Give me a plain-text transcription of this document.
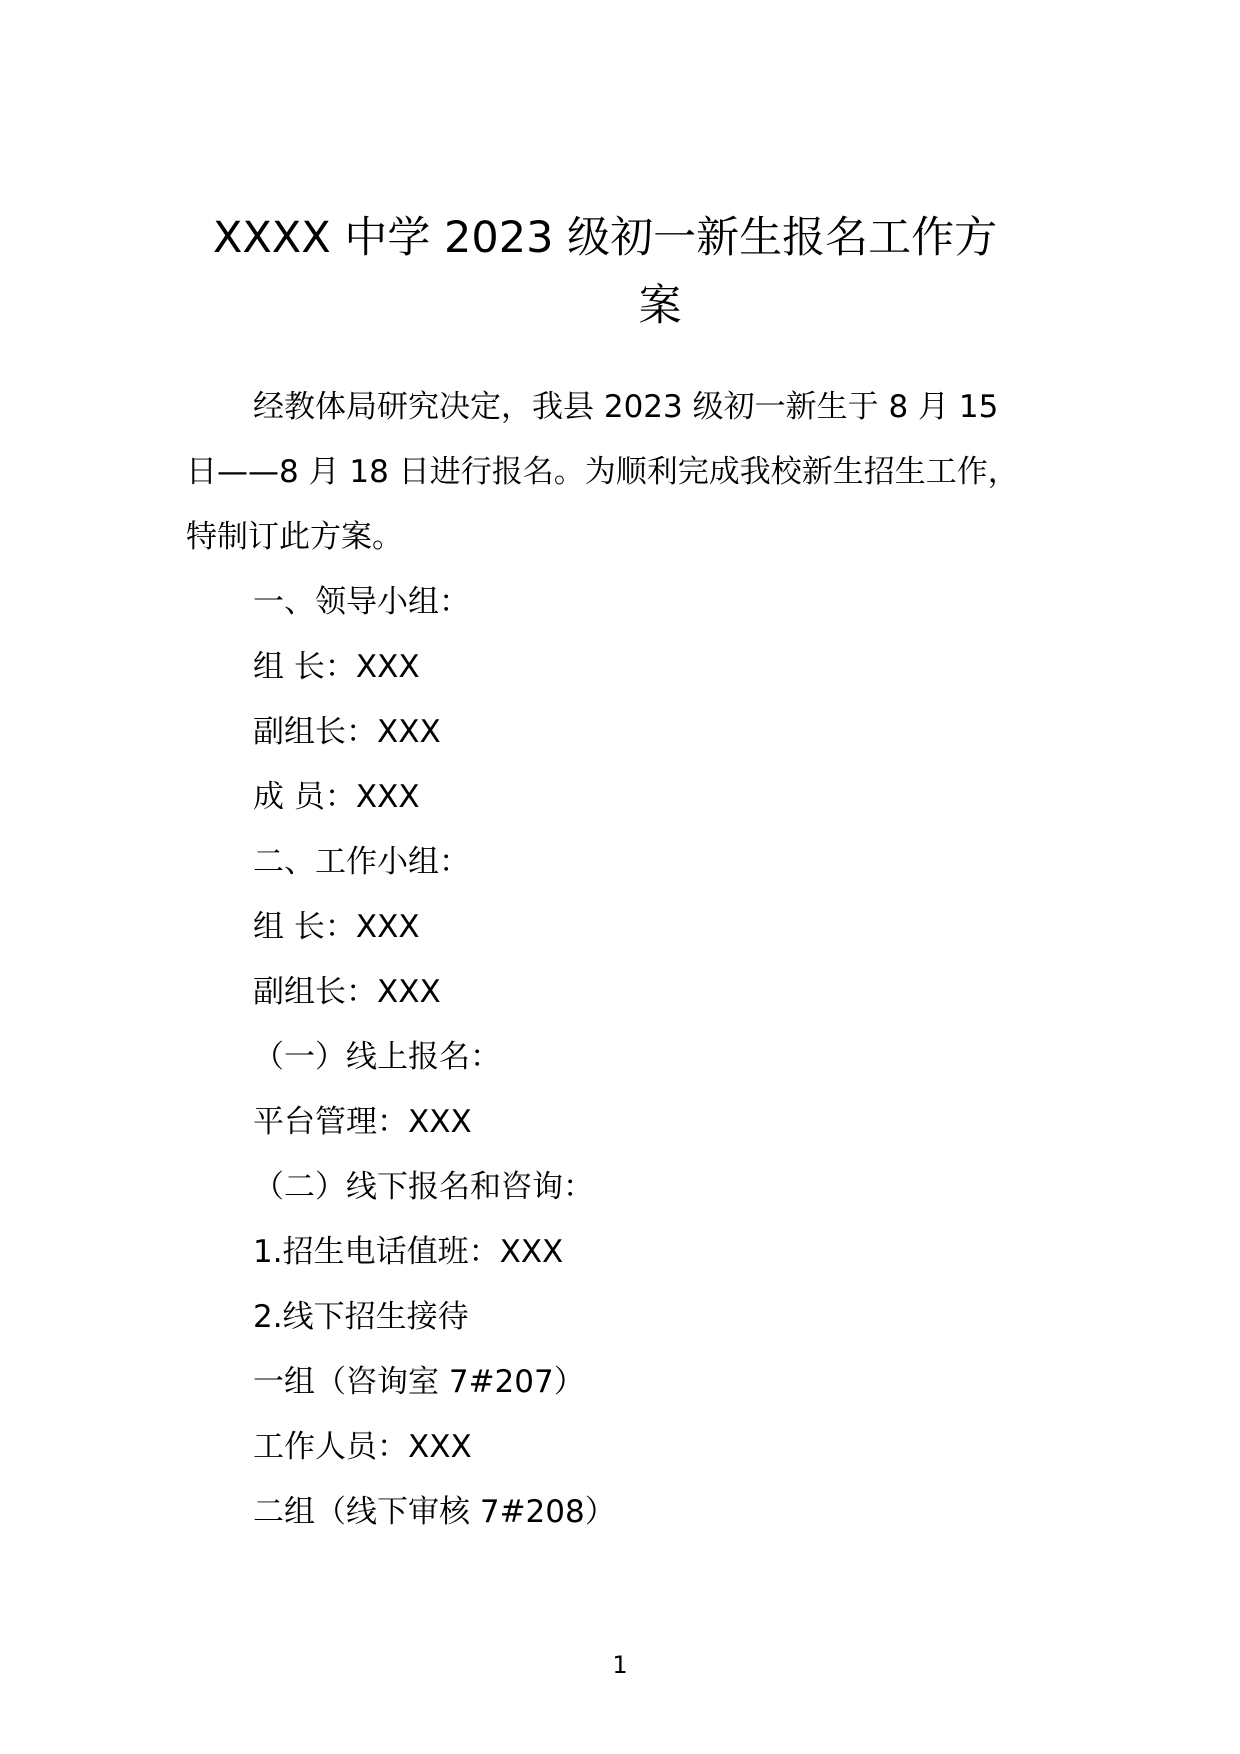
XXXX 中学 2023 级初一新生报名工作方
案
经教体局研究决定，我县 2023 级初一新生于 8 月 15
日——8 月 18 日进行报名。为顺利完成我校新生招生工作，
特制订此方案。
一、领导小组：
组 长：XXX
副组长：XXX
成 员：XXX
二、工作小组：
组 长：XXX
副组长：XXX
（一）线上报名：
平台管理：XXX
（二）线下报名和咨询：
1.招生电话值班：XXX
2.线下招生接待
一组（咨询室 7#207）
工作人员：XXX
二组（线下审核 7#208）
1
